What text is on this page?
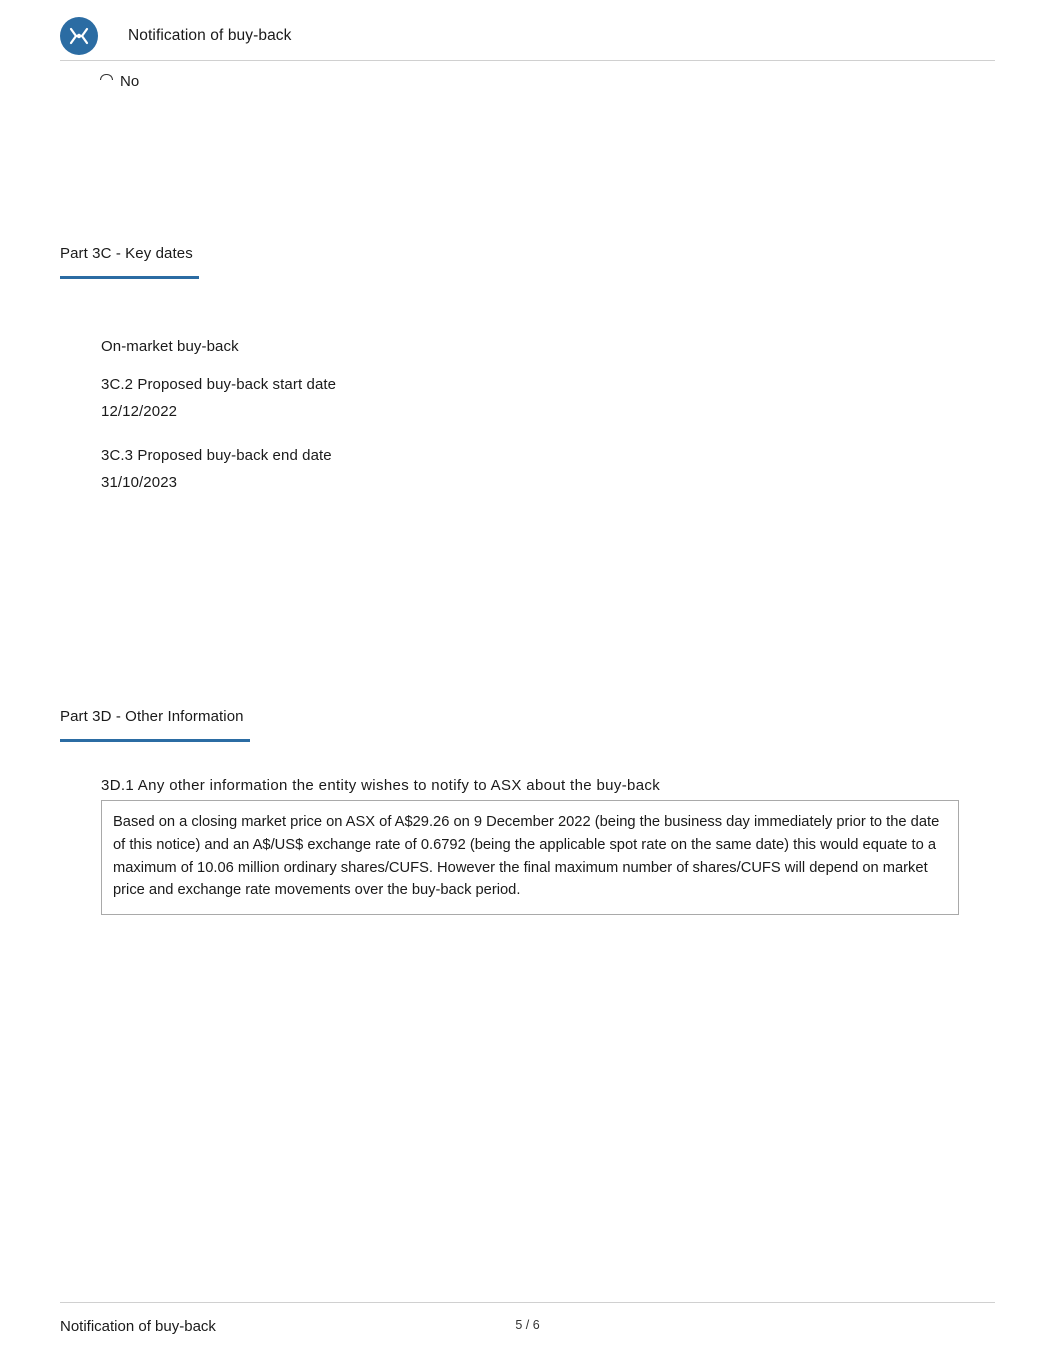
Notification of buy-back
No
Part 3C - Key dates
On-market buy-back
3C.2 Proposed buy-back start date
12/12/2022
3C.3 Proposed buy-back end date
31/10/2023
Part 3D - Other Information
3D.1 Any other information the entity wishes to notify to ASX about the buy-back
Based on a closing market price on ASX of A$29.26 on 9 December 2022 (being the business day immediately prior to the date of this notice) and an A$/US$ exchange rate of 0.6792 (being the applicable spot rate on the same date) this would equate to a maximum of 10.06 million ordinary shares/CUFS. However the final maximum number of shares/CUFS will depend on market price and exchange rate movements over the buy-back period.
Notification of buy-back	5 / 6
